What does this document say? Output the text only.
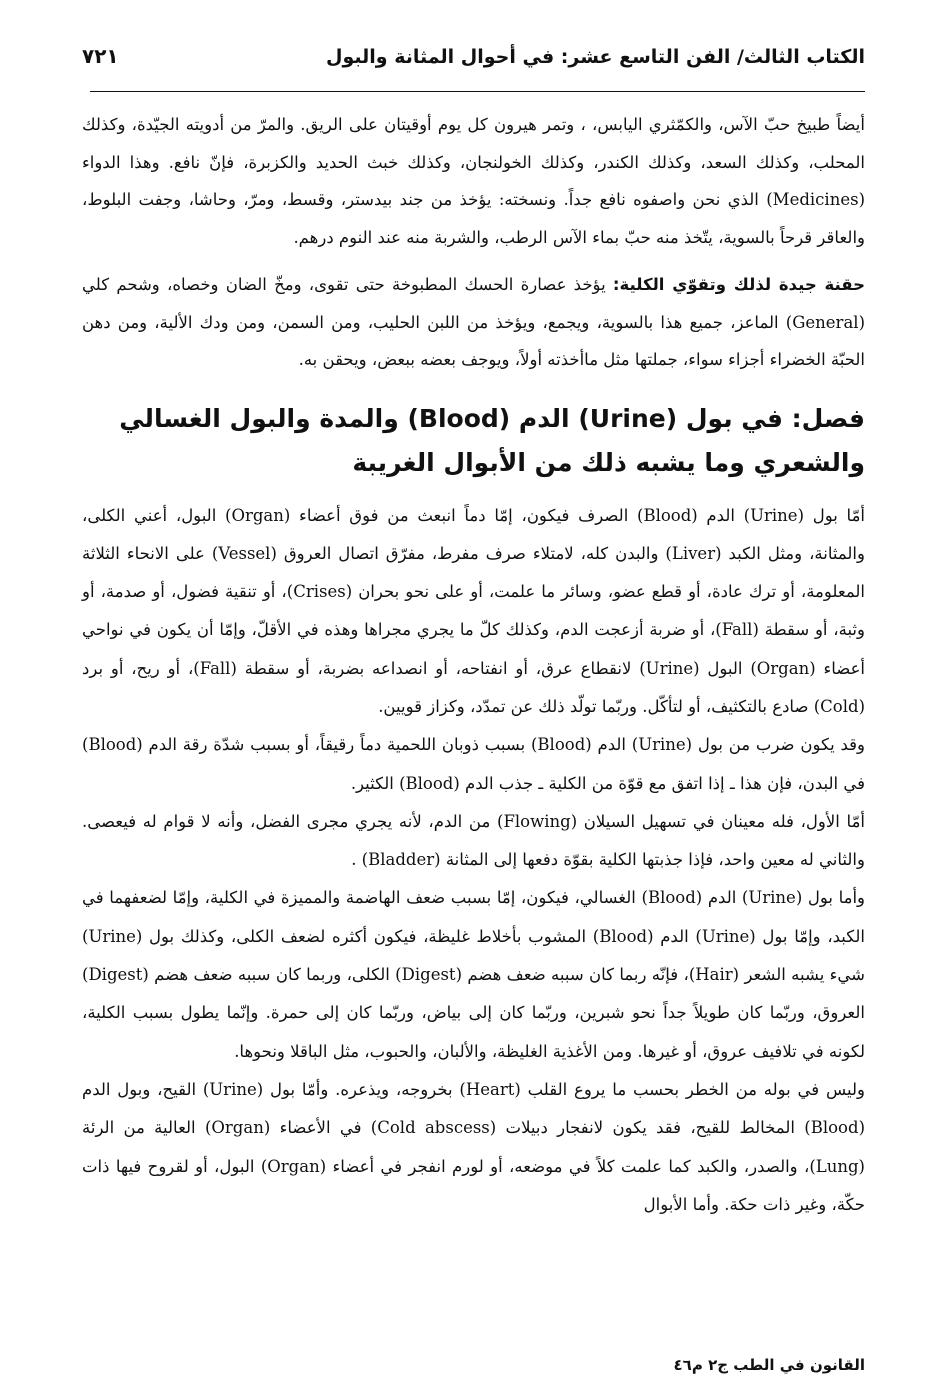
الكتاب الثالث/ الفن التاسع عشر: في أحوال المثانة والبول
٧٢١

أيضاً طبيخ حبّ الآس، والكمّثري اليابس، ، وتمر هيرون كل يوم أوقيتان على الريق. والمرّ من أدويته الجيّدة، وكذلك المحلب، وكذلك السعد، وكذلك الكندر، وكذلك الخولنجان، وكذلك خبث الحديد والكزبرة، فإنّ نافع. وهذا الدواء (Medicines) الذي نحن واصفوه نافع جداً. ونسخته: يؤخذ من جند بيدستر، وقسط، ومرّ، وحاشا، وجفت البلوط، والعاقر قرحاً بالسوية، يتّخذ منه حبّ بماء الآس الرطب، والشربة منه عند النوم درهم.

حقنة جيدة لذلك وتقوّي الكلية: يؤخذ عصارة الحسك المطبوخة حتى تقوى، ومخّ الضان وخصاه، وشحم كلي (General) الماعز، جميع هذا بالسوية، ويجمع، ويؤخذ من اللبن الحليب، ومن السمن، ومن ودك الألية، ومن دهن الحبّة الخضراء أجزاء سواء، جملتها مثل ماأخذته أولاً، ويوجف بعضه ببعض، ويحقن به.

فصل: في بول (Urine) الدم (Blood) والمدة والبول الغسالي والشعري وما يشبه ذلك من الأبوال الغريبة

أمّا بول (Urine) الدم (Blood) الصرف فيكون، إمّا دماً انبعث من فوق أعضاء (Organ) البول، أعني الكلى، والمثانة، ومثل الكبد (Liver) والبدن كله، لامتلاء صرف مفرط، مفرّق اتصال العروق (Vessel) على الانحاء الثلاثة المعلومة، أو ترك عادة، أو قطع عضو، وسائر ما علمت، أو على نحو بحران (Crises)، أو تنقية فضول، أو صدمة، أو وثبة، أو سقطة (Fall)، أو ضربة أزعجت الدم، وكذلك كلّ ما يجري مجراها وهذه في الأقلّ، وإمّا أن يكون في نواحي أعضاء (Organ) البول (Urine) لانقطاع عرق، أو انفتاحه، أو انصداعه بضربة، أو سقطة (Fall)، أو ريح، أو برد (Cold) صادع بالتكثيف، أو لتأكّل. وربّما تولّد ذلك عن تمدّد، وكزاز قويين.

وقد يكون ضرب من بول (Urine) الدم (Blood) بسبب ذوبان اللحمية دماً رقيقاً، أو بسبب شدّة رقة الدم (Blood) في البدن، فإن هذا ـ إذا اتفق مع قوّة من الكلية ـ جذب الدم (Blood) الكثير.

أمّا الأول، فله معينان في تسهيل السيلان (Flowing) من الدم، لأنه يجري مجرى الفضل، وأنه لا قوام له فيعصى. والثاني له معين واحد، فإذا جذبتها الكلية بقوّة دفعها إلى المثانة (Bladder) .

وأما بول (Urine) الدم (Blood) الغسالي، فيكون، إمّا بسبب ضعف الهاضمة والمميزة في الكلية، وإمّا لضعفهما في الكبد، وإمّا بول (Urine) الدم (Blood) المشوب بأخلاط غليظة، فيكون أكثره لضعف الكلى، وكذلك بول (Urine) شيء يشبه الشعر (Hair)، فإنّه ربما كان سببه ضعف هضم (Digest) الكلى، وربما كان سببه ضعف هضم (Digest) العروق، وربّما كان طويلاً جداً نحو شبرين، وربّما كان إلى بياض، وربّما كان إلى حمرة. وإنّما يطول بسبب الكلية، لكونه في تلافيف عروق، أو غيرها. ومن الأغذية الغليظة، والألبان، والحبوب، مثل الباقلا ونحوها.

وليس في بوله من الخطر بحسب ما يروع القلب (Heart) بخروجه، ويذعره. وأمّا بول (Urine) القيح، وبول الدم (Blood) المخالط للقيح، فقد يكون لانفجار دبيلات (Cold abscess) في الأعضاء (Organ) العالية من الرئة (Lung)، والصدر، والكبد كما علمت كلاً في موضعه، أو لورم انفجر في أعضاء (Organ) البول، أو لقروح فيها ذات حكّة، وغير ذات حكة. وأما الأبوال

القانون في الطب ج٢ م٤٦
